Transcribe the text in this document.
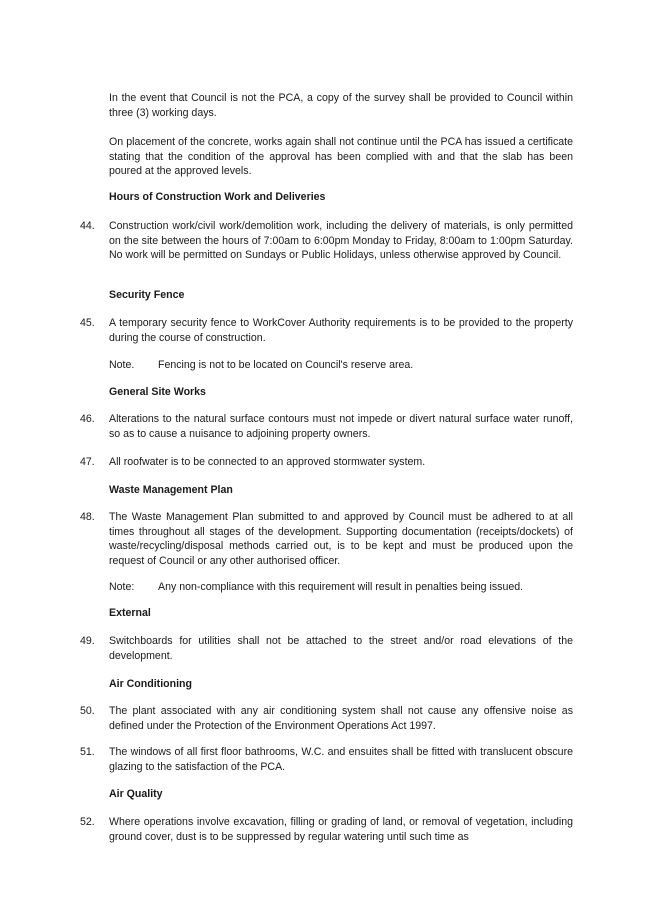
In the event that Council is not the PCA, a copy of the survey shall be provided to Council within three (3) working days.

On placement of the concrete, works again shall not continue until the PCA has issued a certificate stating that the condition of the approval has been complied with and that the slab has been poured at the approved levels.

Hours of Construction Work and Deliveries

44.	Construction work/civil work/demolition work, including the delivery of materials, is only permitted on the site between the hours of 7:00am to 6:00pm Monday to Friday, 8:00am to 1:00pm Saturday. No work will be permitted on Sundays or Public Holidays, unless otherwise approved by Council.

Security Fence

45.	A temporary security fence to WorkCover Authority requirements is to be provided to the property during the course of construction.

Note. Fencing is not to be located on Council's reserve area.

General Site Works

46.	Alterations to the natural surface contours must not impede or divert natural surface water runoff, so as to cause a nuisance to adjoining property owners.

47.	All roofwater is to be connected to an approved stormwater system.

Waste Management Plan

48.	The Waste Management Plan submitted to and approved by Council must be adhered to at all times throughout all stages of the development. Supporting documentation (receipts/dockets) of waste/recycling/disposal methods carried out, is to be kept and must be produced upon the request of Council or any other authorised officer.

Note: Any non-compliance with this requirement will result in penalties being issued.

External

49.	Switchboards for utilities shall not be attached to the street and/or road elevations of the development.

Air Conditioning

50.	The plant associated with any air conditioning system shall not cause any offensive noise as defined under the Protection of the Environment Operations Act 1997.

51.	The windows of all first floor bathrooms, W.C. and ensuites shall be fitted with translucent obscure glazing to the satisfaction of the PCA.

Air Quality

52.	Where operations involve excavation, filling or grading of land, or removal of vegetation, including ground cover, dust is to be suppressed by regular watering until such time as
